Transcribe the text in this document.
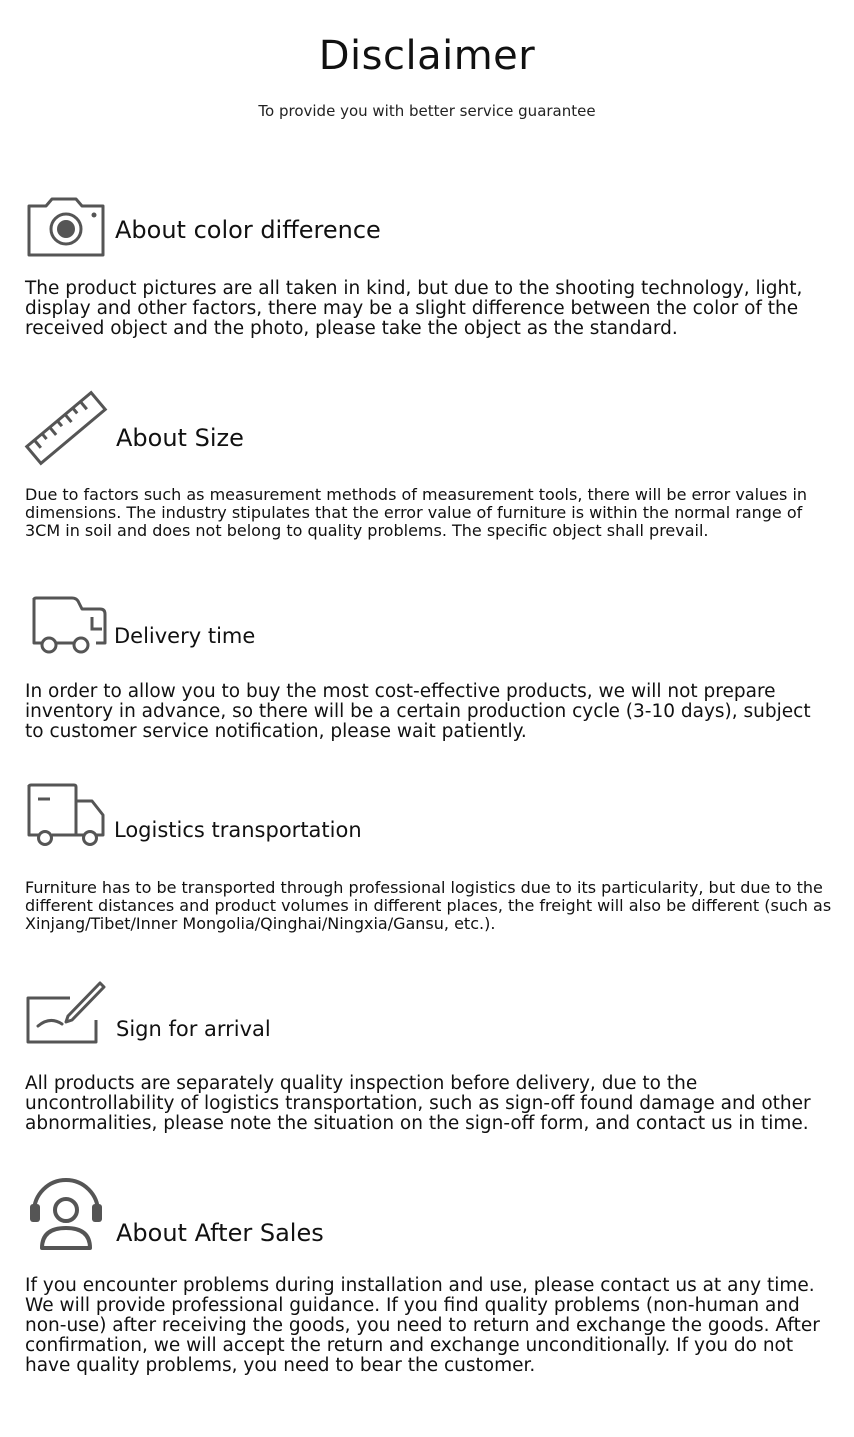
Disclaimer
To provide you with better service guarantee
About color difference
The product pictures are all taken in kind, but due to the shooting technology, light, display and other factors, there may be a slight difference between the color of the received object and the photo, please take the object as the standard.
About Size
Due to factors such as measurement methods of measurement tools, there will be error values in dimensions. The industry stipulates that the error value of furniture is within the normal range of 3CM in soil and does not belong to quality problems. The specific object shall prevail.
Delivery time
In order to allow you to buy the most cost-effective products, we will not prepare inventory in advance, so there will be a certain production cycle (3-10 days), subject to customer service notification, please wait patiently.
Logistics transportation
Furniture has to be transported through professional logistics due to its particularity, but due to the different distances and product volumes in different places, the freight will also be different (such as Xinjang/Tibet/Inner Mongolia/Qinghai/Ningxia/Gansu, etc.).
Sign for arrival
All products are separately quality inspection before delivery, due to the uncontrollability of logistics transportation, such as sign-off found damage and other abnormalities, please note the situation on the sign-off form, and contact us in time.
About After Sales
If you encounter problems during installation and use, please contact us at any time. We will provide professional guidance. If you find quality problems (non-human and non-use) after receiving the goods, you need to return and exchange the goods. After confirmation, we will accept the return and exchange unconditionally. If you do not have quality problems, you need to bear the customer.
